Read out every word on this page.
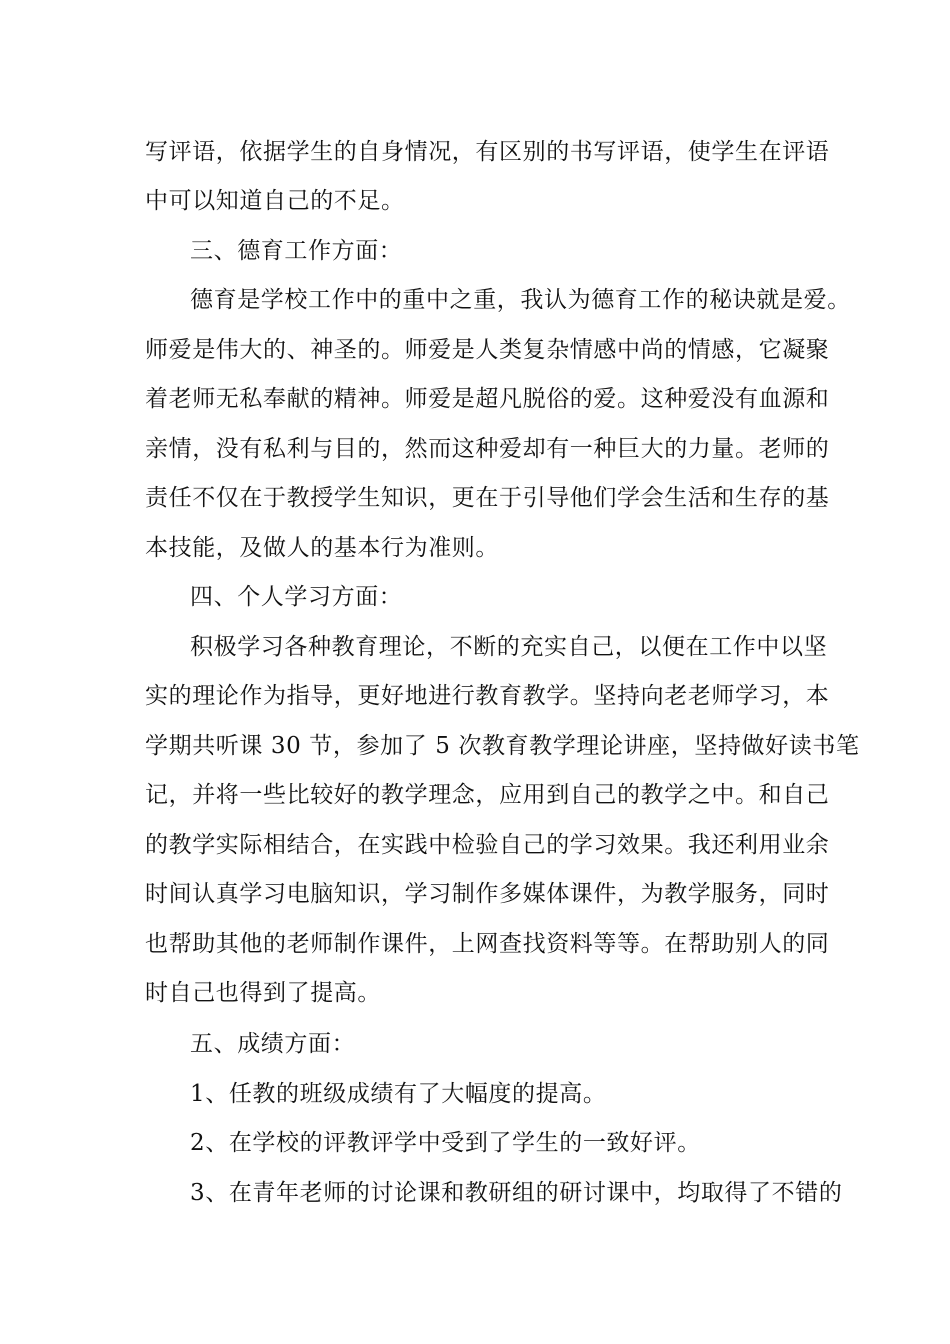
写评语，依据学生的自身情况，有区别的书写评语，使学生在评语
中可以知道自己的不足。
三、德育工作方面：
德育是学校工作中的重中之重，我认为德育工作的秘诀就是爱。
师爱是伟大的、神圣的。师爱是人类复杂情感中尚的情感，它凝聚
着老师无私奉献的精神。师爱是超凡脱俗的爱。这种爱没有血源和
亲情，没有私利与目的，然而这种爱却有一种巨大的力量。老师的
责任不仅在于教授学生知识，更在于引导他们学会生活和生存的基
本技能，及做人的基本行为准则。
四、个人学习方面：
积极学习各种教育理论，不断的充实自己，以便在工作中以坚
实的理论作为指导，更好地进行教育教学。坚持向老老师学习，本
学期共听课 30 节，参加了 5 次教育教学理论讲座，坚持做好读书笔
记，并将一些比较好的教学理念，应用到自己的教学之中。和自己
的教学实际相结合，在实践中检验自己的学习效果。我还利用业余
时间认真学习电脑知识，学习制作多媒体课件，为教学服务，同时
也帮助其他的老师制作课件，上网查找资料等等。在帮助别人的同
时自己也得到了提高。
五、成绩方面：
1、任教的班级成绩有了大幅度的提高。
2、在学校的评教评学中受到了学生的一致好评。
3、在青年老师的讨论课和教研组的研讨课中，均取得了不错的
